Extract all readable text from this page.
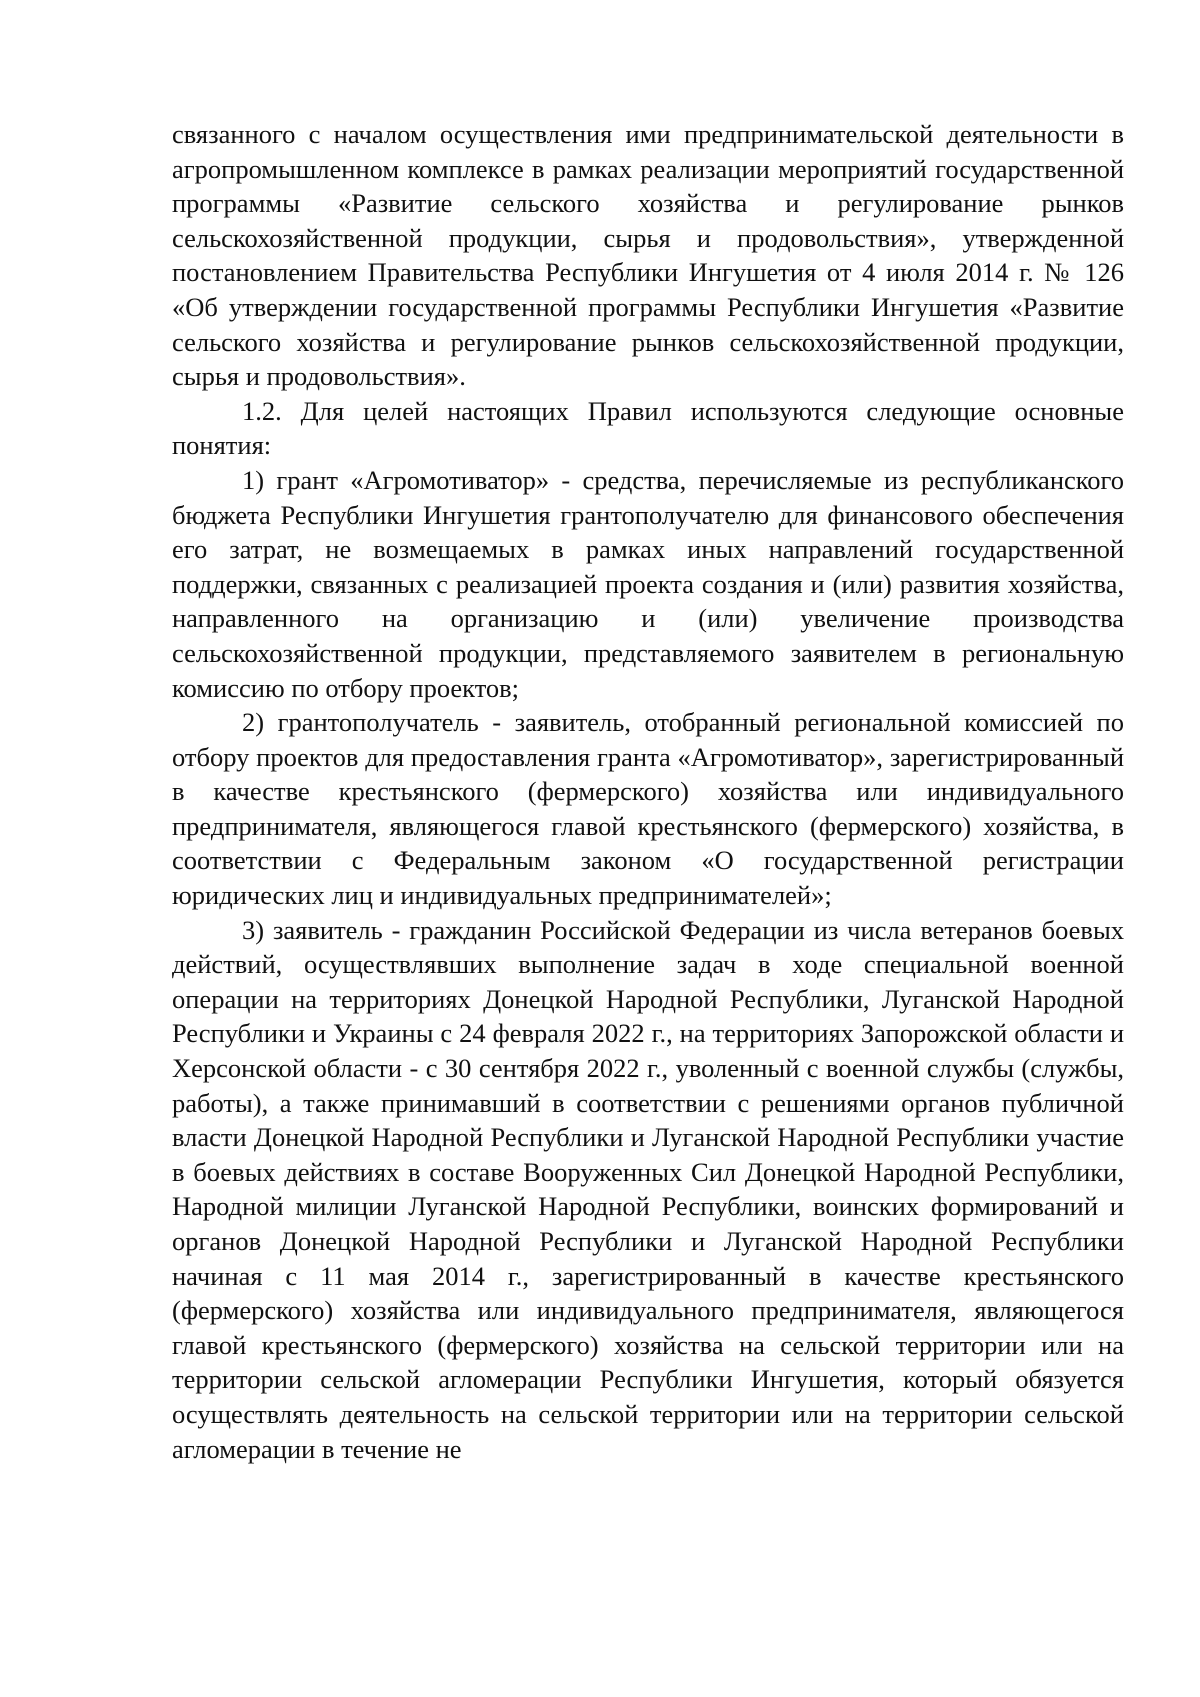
связанного с началом осуществления ими предпринимательской деятельности в агропромышленном комплексе в рамках реализации мероприятий государственной программы «Развитие сельского хозяйства и регулирование рынков сельскохозяйственной продукции, сырья и продовольствия», утвержденной постановлением Правительства Республики Ингушетия от 4 июля 2014 г. № 126 «Об утверждении государственной программы Республики Ингушетия «Развитие сельского хозяйства и регулирование рынков сельскохозяйственной продукции, сырья и продовольствия».

1.2. Для целей настоящих Правил используются следующие основные понятия:

1) грант «Агромотиватор» - средства, перечисляемые из республиканского бюджета Республики Ингушетия грантополучателю для финансового обеспечения его затрат, не возмещаемых в рамках иных направлений государственной поддержки, связанных с реализацией проекта создания и (или) развития хозяйства, направленного на организацию и (или) увеличение производства сельскохозяйственной продукции, представляемого заявителем в региональную комиссию по отбору проектов;

2) грантополучатель - заявитель, отобранный региональной комиссией по отбору проектов для предоставления гранта «Агромотиватор», зарегистрированный в качестве крестьянского (фермерского) хозяйства или индивидуального предпринимателя, являющегося главой крестьянского (фермерского) хозяйства, в соответствии с Федеральным законом «О государственной регистрации юридических лиц и индивидуальных предпринимателей»;

3) заявитель - гражданин Российской Федерации из числа ветеранов боевых действий, осуществлявших выполнение задач в ходе специальной военной операции на территориях Донецкой Народной Республики, Луганской Народной Республики и Украины с 24 февраля 2022 г., на территориях Запорожской области и Херсонской области - с 30 сентября 2022 г., уволенный с военной службы (службы, работы), а также принимавший в соответствии с решениями органов публичной власти Донецкой Народной Республики и Луганской Народной Республики участие в боевых действиях в составе Вооруженных Сил Донецкой Народной Республики, Народной милиции Луганской Народной Республики, воинских формирований и органов Донецкой Народной Республики и Луганской Народной Республики начиная с 11 мая 2014 г., зарегистрированный в качестве крестьянского (фермерского) хозяйства или индивидуального предпринимателя, являющегося главой крестьянского (фермерского) хозяйства на сельской территории или на территории сельской агломерации Республики Ингушетия, который обязуется осуществлять деятельность на сельской территории или на территории сельской агломерации в течение не
